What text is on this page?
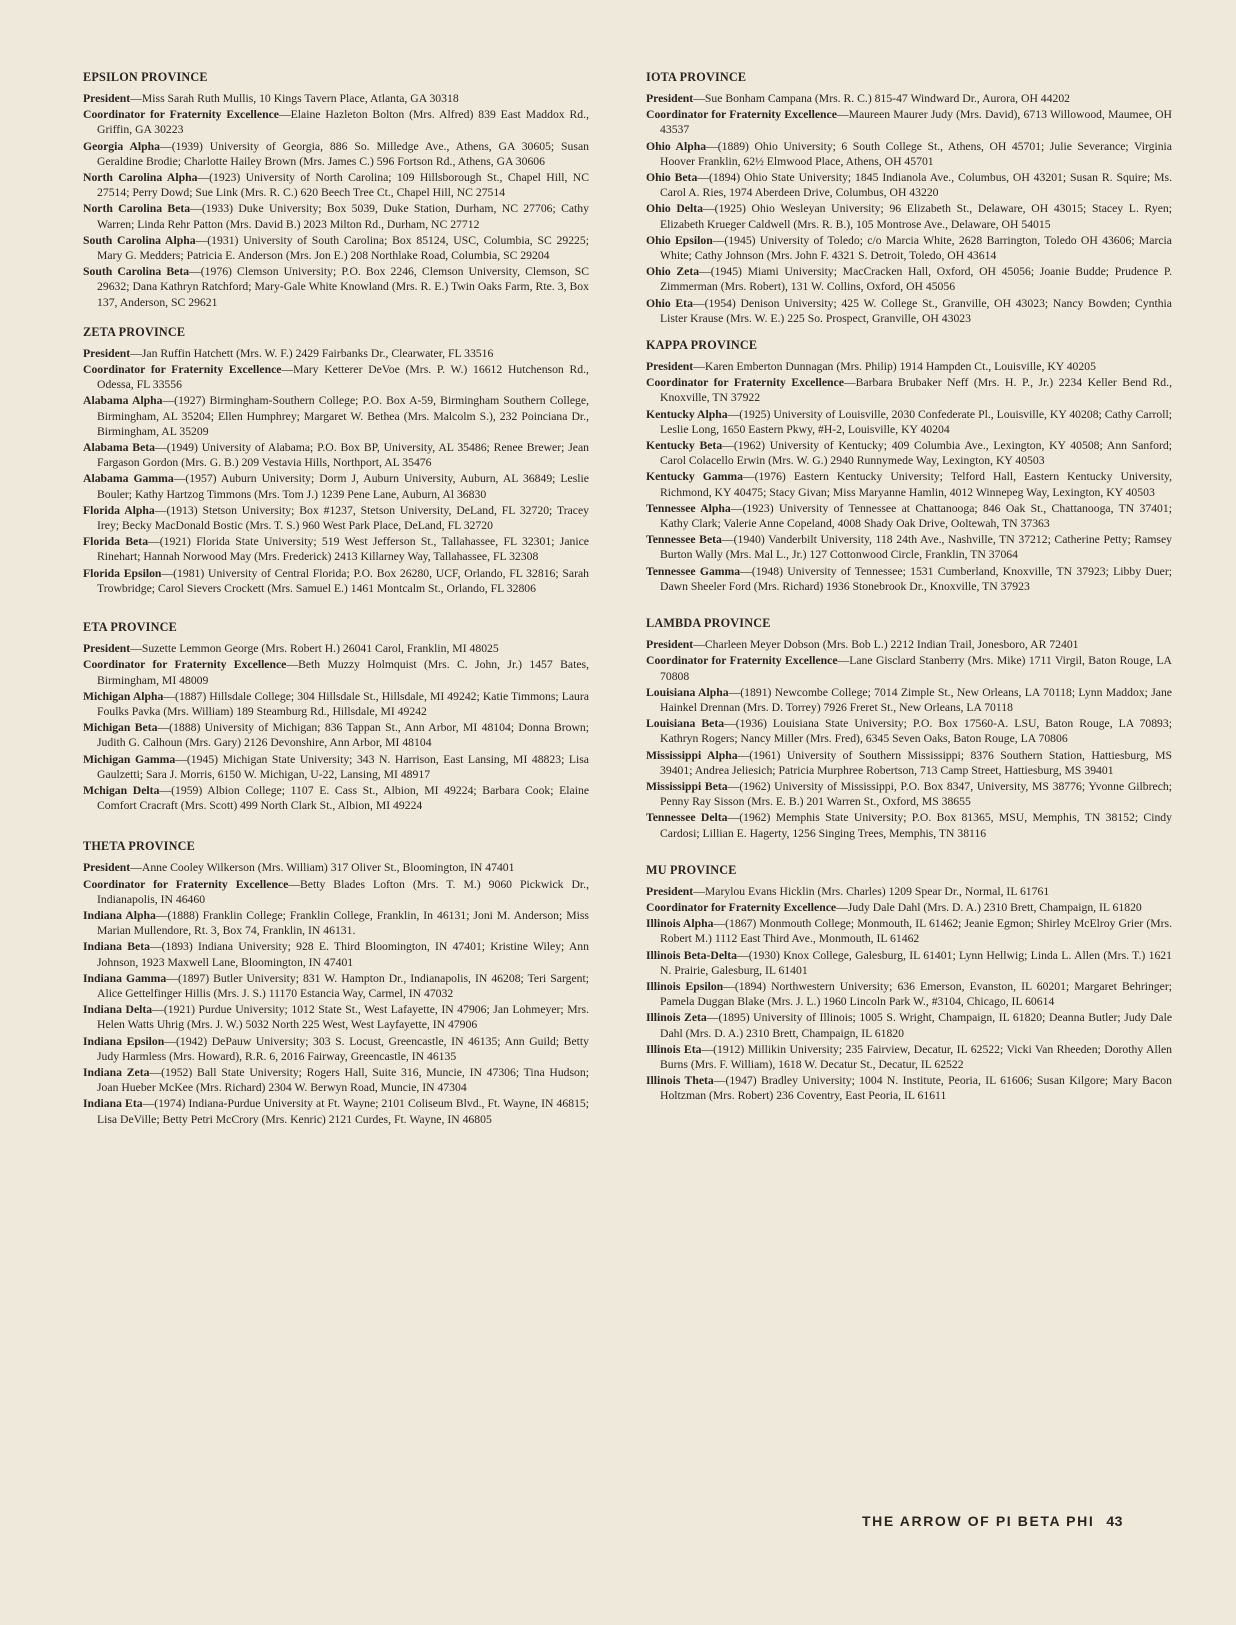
EPSILON PROVINCE
President—Miss Sarah Ruth Mullis, 10 Kings Tavern Place, Atlanta, GA 30318
Coordinator for Fraternity Excellence—Elaine Hazleton Bolton (Mrs. Alfred) 839 East Maddox Rd., Griffin, GA 30223
Georgia Alpha—(1939) University of Georgia, 886 So. Milledge Ave., Athens, GA 30605; Susan Geraldine Brodie; Charlotte Hailey Brown (Mrs. James C.) 596 Fortson Rd., Athens, GA 30606
North Carolina Alpha—(1923) University of North Carolina; 109 Hillsborough St., Chapel Hill, NC 27514; Perry Dowd; Sue Link (Mrs. R. C.) 620 Beech Tree Ct., Chapel Hill, NC 27514
North Carolina Beta—(1933) Duke University; Box 5039, Duke Station, Durham, NC 27706; Cathy Warren; Linda Rehr Patton (Mrs. David B.) 2023 Milton Rd., Durham, NC 27712
South Carolina Alpha—(1931) University of South Carolina; Box 85124, USC, Columbia, SC 29225; Mary G. Medders; Patricia E. Anderson (Mrs. Jon E.) 208 Northlake Road, Columbia, SC 29204
South Carolina Beta—(1976) Clemson University; P.O. Box 2246, Clemson University, Clemson, SC 29632; Dana Kathryn Ratchford; Mary-Gale White Knowland (Mrs. R. E.) Twin Oaks Farm, Rte. 3, Box 137, Anderson, SC 29621
ZETA PROVINCE
President—Jan Ruffin Hatchett (Mrs. W. F.) 2429 Fairbanks Dr., Clearwater, FL 33516
Coordinator for Fraternity Excellence—Mary Ketterer DeVoe (Mrs. P. W.) 16612 Hutchenson Rd., Odessa, FL 33556
Alabama Alpha—(1927) Birmingham-Southern College; P.O. Box A-59, Birmingham Southern College, Birmingham, AL 35204; Ellen Humphrey; Margaret W. Bethea (Mrs. Malcolm S.), 232 Poinciana Dr., Birmingham, AL 35209
Alabama Beta—(1949) University of Alabama; P.O. Box BP, University, AL 35486; Renee Brewer; Jean Fargason Gordon (Mrs. G. B.) 209 Vestavia Hills, Northport, AL 35476
Alabama Gamma—(1957) Auburn University; Dorm J, Auburn University, Auburn, AL 36849; Leslie Bouler; Kathy Hartzog Timmons (Mrs. Tom J.) 1239 Pene Lane, Auburn, Al 36830
Florida Alpha—(1913) Stetson University; Box #1237, Stetson University, DeLand, FL 32720; Tracey Irey; Becky MacDonald Bostic (Mrs. T. S.) 960 West Park Place, DeLand, FL 32720
Florida Beta—(1921) Florida State University; 519 West Jefferson St., Tallahassee, FL 32301; Janice Rinehart; Hannah Norwood May (Mrs. Frederick) 2413 Killarney Way, Tallahassee, FL 32308
Florida Epsilon—(1981) University of Central Florida; P.O. Box 26280, UCF, Orlando, FL 32816; Sarah Trowbridge; Carol Sievers Crockett (Mrs. Samuel E.) 1461 Montcalm St., Orlando, FL 32806
ETA PROVINCE
President—Suzette Lemmon George (Mrs. Robert H.) 26041 Carol, Franklin, MI 48025
Coordinator for Fraternity Excellence—Beth Muzzy Holmquist (Mrs. C. John, Jr.) 1457 Bates, Birmingham, MI 48009
Michigan Alpha—(1887) Hillsdale College; 304 Hillsdale St., Hillsdale, MI 49242; Katie Timmons; Laura Foulks Pavka (Mrs. William) 189 Steamburg Rd., Hillsdale, MI 49242
Michigan Beta—(1888) University of Michigan; 836 Tappan St., Ann Arbor, MI 48104; Donna Brown; Judith G. Calhoun (Mrs. Gary) 2126 Devonshire, Ann Arbor, MI 48104
Michigan Gamma—(1945) Michigan State University; 343 N. Harrison, East Lansing, MI 48823; Lisa Gaulzetti; Sara J. Morris, 6150 W. Michigan, U-22, Lansing, MI 48917
Mchigan Delta—(1959) Albion College; 1107 E. Cass St., Albion, MI 49224; Barbara Cook; Elaine Comfort Cracraft (Mrs. Scott) 499 North Clark St., Albion, MI 49224
THETA PROVINCE
President—Anne Cooley Wilkerson (Mrs. William) 317 Oliver St., Bloomington, IN 47401
Coordinator for Fraternity Excellence—Betty Blades Lofton (Mrs. T. M.) 9060 Pickwick Dr., Indianapolis, IN 46460
Indiana Alpha—(1888) Franklin College; Franklin College, Franklin, In 46131; Joni M. Anderson; Miss Marian Mullendore, Rt. 3, Box 74, Franklin, IN 46131.
Indiana Beta—(1893) Indiana University; 928 E. Third Bloomington, IN 47401; Kristine Wiley; Ann Johnson, 1923 Maxwell Lane, Bloomington, IN 47401
Indiana Gamma—(1897) Butler University; 831 W. Hampton Dr., Indianapolis, IN 46208; Teri Sargent; Alice Gettelfinger Hillis (Mrs. J. S.) 11170 Estancia Way, Carmel, IN 47032
Indiana Delta—(1921) Purdue University; 1012 State St., West Lafayette, IN 47906; Jan Lohmeyer; Mrs. Helen Watts Uhrig (Mrs. J. W.) 5032 North 225 West, West Layfayette, IN 47906
Indiana Epsilon—(1942) DePauw University; 303 S. Locust, Greencastle, IN 46135; Ann Guild; Betty Judy Harmless (Mrs. Howard), R.R. 6, 2016 Fairway, Greencastle, IN 46135
Indiana Zeta—(1952) Ball State University; Rogers Hall, Suite 316, Muncie, IN 47306; Tina Hudson; Joan Hueber McKee (Mrs. Richard) 2304 W. Berwyn Road, Muncie, IN 47304
Indiana Eta—(1974) Indiana-Purdue University at Ft. Wayne; 2101 Coliseum Blvd., Ft. Wayne, IN 46815; Lisa DeVille; Betty Petri McCrory (Mrs. Kenric) 2121 Curdes, Ft. Wayne, IN 46805
IOTA PROVINCE
President—Sue Bonham Campana (Mrs. R. C.) 815-47 Windward Dr., Aurora, OH 44202
Coordinator for Fraternity Excellence—Maureen Maurer Judy (Mrs. David), 6713 Willowood, Maumee, OH 43537
Ohio Alpha—(1889) Ohio University; 6 South College St., Athens, OH 45701; Julie Severance; Virginia Hoover Franklin, 62½ Elmwood Place, Athens, OH 45701
Ohio Beta—(1894) Ohio State University; 1845 Indianola Ave., Columbus, OH 43201; Susan R. Squire; Ms. Carol A. Ries, 1974 Aberdeen Drive, Columbus, OH 43220
Ohio Delta—(1925) Ohio Wesleyan University; 96 Elizabeth St., Delaware, OH 43015; Stacey L. Ryen; Elizabeth Krueger Caldwell (Mrs. R. B.), 105 Montrose Ave., Delaware, OH 54015
Ohio Epsilon—(1945) University of Toledo; c/o Marcia White, 2628 Barrington, Toledo OH 43606; Marcia White; Cathy Johnson (Mrs. John F. 4321 S. Detroit, Toledo, OH 43614
Ohio Zeta—(1945) Miami University; MacCracken Hall, Oxford, OH 45056; Joanie Budde; Prudence P. Zimmerman (Mrs. Robert), 131 W. Collins, Oxford, OH 45056
Ohio Eta—(1954) Denison University; 425 W. College St., Granville, OH 43023; Nancy Bowden; Cynthia Lister Krause (Mrs. W. E.) 225 So. Prospect, Granville, OH 43023
KAPPA PROVINCE
President—Karen Emberton Dunnagan (Mrs. Philip) 1914 Hampden Ct., Louisville, KY 40205
Coordinator for Fraternity Excellence—Barbara Brubaker Neff (Mrs. H. P., Jr.) 2234 Keller Bend Rd., Knoxville, TN 37922
Kentucky Alpha—(1925) University of Louisville, 2030 Confederate Pl., Louisville, KY 40208; Cathy Carroll; Leslie Long, 1650 Eastern Pkwy, #H-2, Louisville, KY 40204
Kentucky Beta—(1962) University of Kentucky; 409 Columbia Ave., Lexington, KY 40508; Ann Sanford; Carol Colacello Erwin (Mrs. W. G.) 2940 Runnymede Way, Lexington, KY 40503
Kentucky Gamma—(1976) Eastern Kentucky University; Telford Hall, Eastern Kentucky University, Richmond, KY 40475; Stacy Givan; Miss Maryanne Hamlin, 4012 Winnepeg Way, Lexington, KY 40503
Tennessee Alpha—(1923) University of Tennessee at Chattanooga; 846 Oak St., Chattanooga, TN 37401; Kathy Clark; Valerie Anne Copeland, 4008 Shady Oak Drive, Ooltewah, TN 37363
Tennessee Beta—(1940) Vanderbilt University, 118 24th Ave., Nashville, TN 37212; Catherine Petty; Ramsey Burton Wally (Mrs. Mal L., Jr.) 127 Cottonwood Circle, Franklin, TN 37064
Tennessee Gamma—(1948) University of Tennessee; 1531 Cumberland, Knoxville, TN 37923; Libby Duer; Dawn Sheeler Ford (Mrs. Richard) 1936 Stonebrook Dr., Knoxville, TN 37923
LAMBDA PROVINCE
President—Charleen Meyer Dobson (Mrs. Bob L.) 2212 Indian Trail, Jonesboro, AR 72401
Coordinator for Fraternity Excellence—Lane Gisclard Stanberry (Mrs. Mike) 1711 Virgil, Baton Rouge, LA 70808
Louisiana Alpha—(1891) Newcombe College; 7014 Zimple St., New Orleans, LA 70118; Lynn Maddox; Jane Hainkel Drennan (Mrs. D. Torrey) 7926 Freret St., New Orleans, LA 70118
Louisiana Beta—(1936) Louisiana State University; P.O. Box 17560-A. LSU, Baton Rouge, LA 70893; Kathryn Rogers; Nancy Miller (Mrs. Fred), 6345 Seven Oaks, Baton Rouge, LA 70806
Mississippi Alpha—(1961) University of Southern Mississippi; 8376 Southern Station, Hattiesburg, MS 39401; Andrea Jeliesich; Patricia Murphree Robertson, 713 Camp Street, Hattiesburg, MS 39401
Mississippi Beta—(1962) University of Mississippi, P.O. Box 8347, University, MS 38776; Yvonne Gilbrech; Penny Ray Sisson (Mrs. E. B.) 201 Warren St., Oxford, MS 38655
Tennessee Delta—(1962) Memphis State University; P.O. Box 81365, MSU, Memphis, TN 38152; Cindy Cardosi; Lillian E. Hagerty, 1256 Singing Trees, Memphis, TN 38116
MU PROVINCE
President—Marylou Evans Hicklin (Mrs. Charles) 1209 Spear Dr., Normal, IL 61761
Coordinator for Fraternity Excellence—Judy Dale Dahl (Mrs. D. A.) 2310 Brett, Champaign, IL 61820
Illinois Alpha—(1867) Monmouth College; Monmouth, IL 61462; Jeanie Egmon; Shirley McElroy Grier (Mrs. Robert M.) 1112 East Third Ave., Monmouth, IL 61462
Illinois Beta-Delta—(1930) Knox College, Galesburg, IL 61401; Lynn Hellwig; Linda L. Allen (Mrs. T.) 1621 N. Prairie, Galesburg, IL 61401
Illinois Epsilon—(1894) Northwestern University; 636 Emerson, Evanston, IL 60201; Margaret Behringer; Pamela Duggan Blake (Mrs. J. L.) 1960 Lincoln Park W., #3104, Chicago, IL 60614
Illinois Zeta—(1895) University of Illinois; 1005 S. Wright, Champaign, IL 61820; Deanna Butler; Judy Dale Dahl (Mrs. D. A.) 2310 Brett, Champaign, IL 61820
Illinois Eta—(1912) Millikin University; 235 Fairview, Decatur, IL 62522; Vicki Van Rheeden; Dorothy Allen Burns (Mrs. F. William), 1618 W. Decatur St., Decatur, IL 62522
Illinois Theta—(1947) Bradley University; 1004 N. Institute, Peoria, IL 61606; Susan Kilgore; Mary Bacon Holtzman (Mrs. Robert) 236 Coventry, East Peoria, IL 61611
THE ARROW OF PI BETA PHI 43
